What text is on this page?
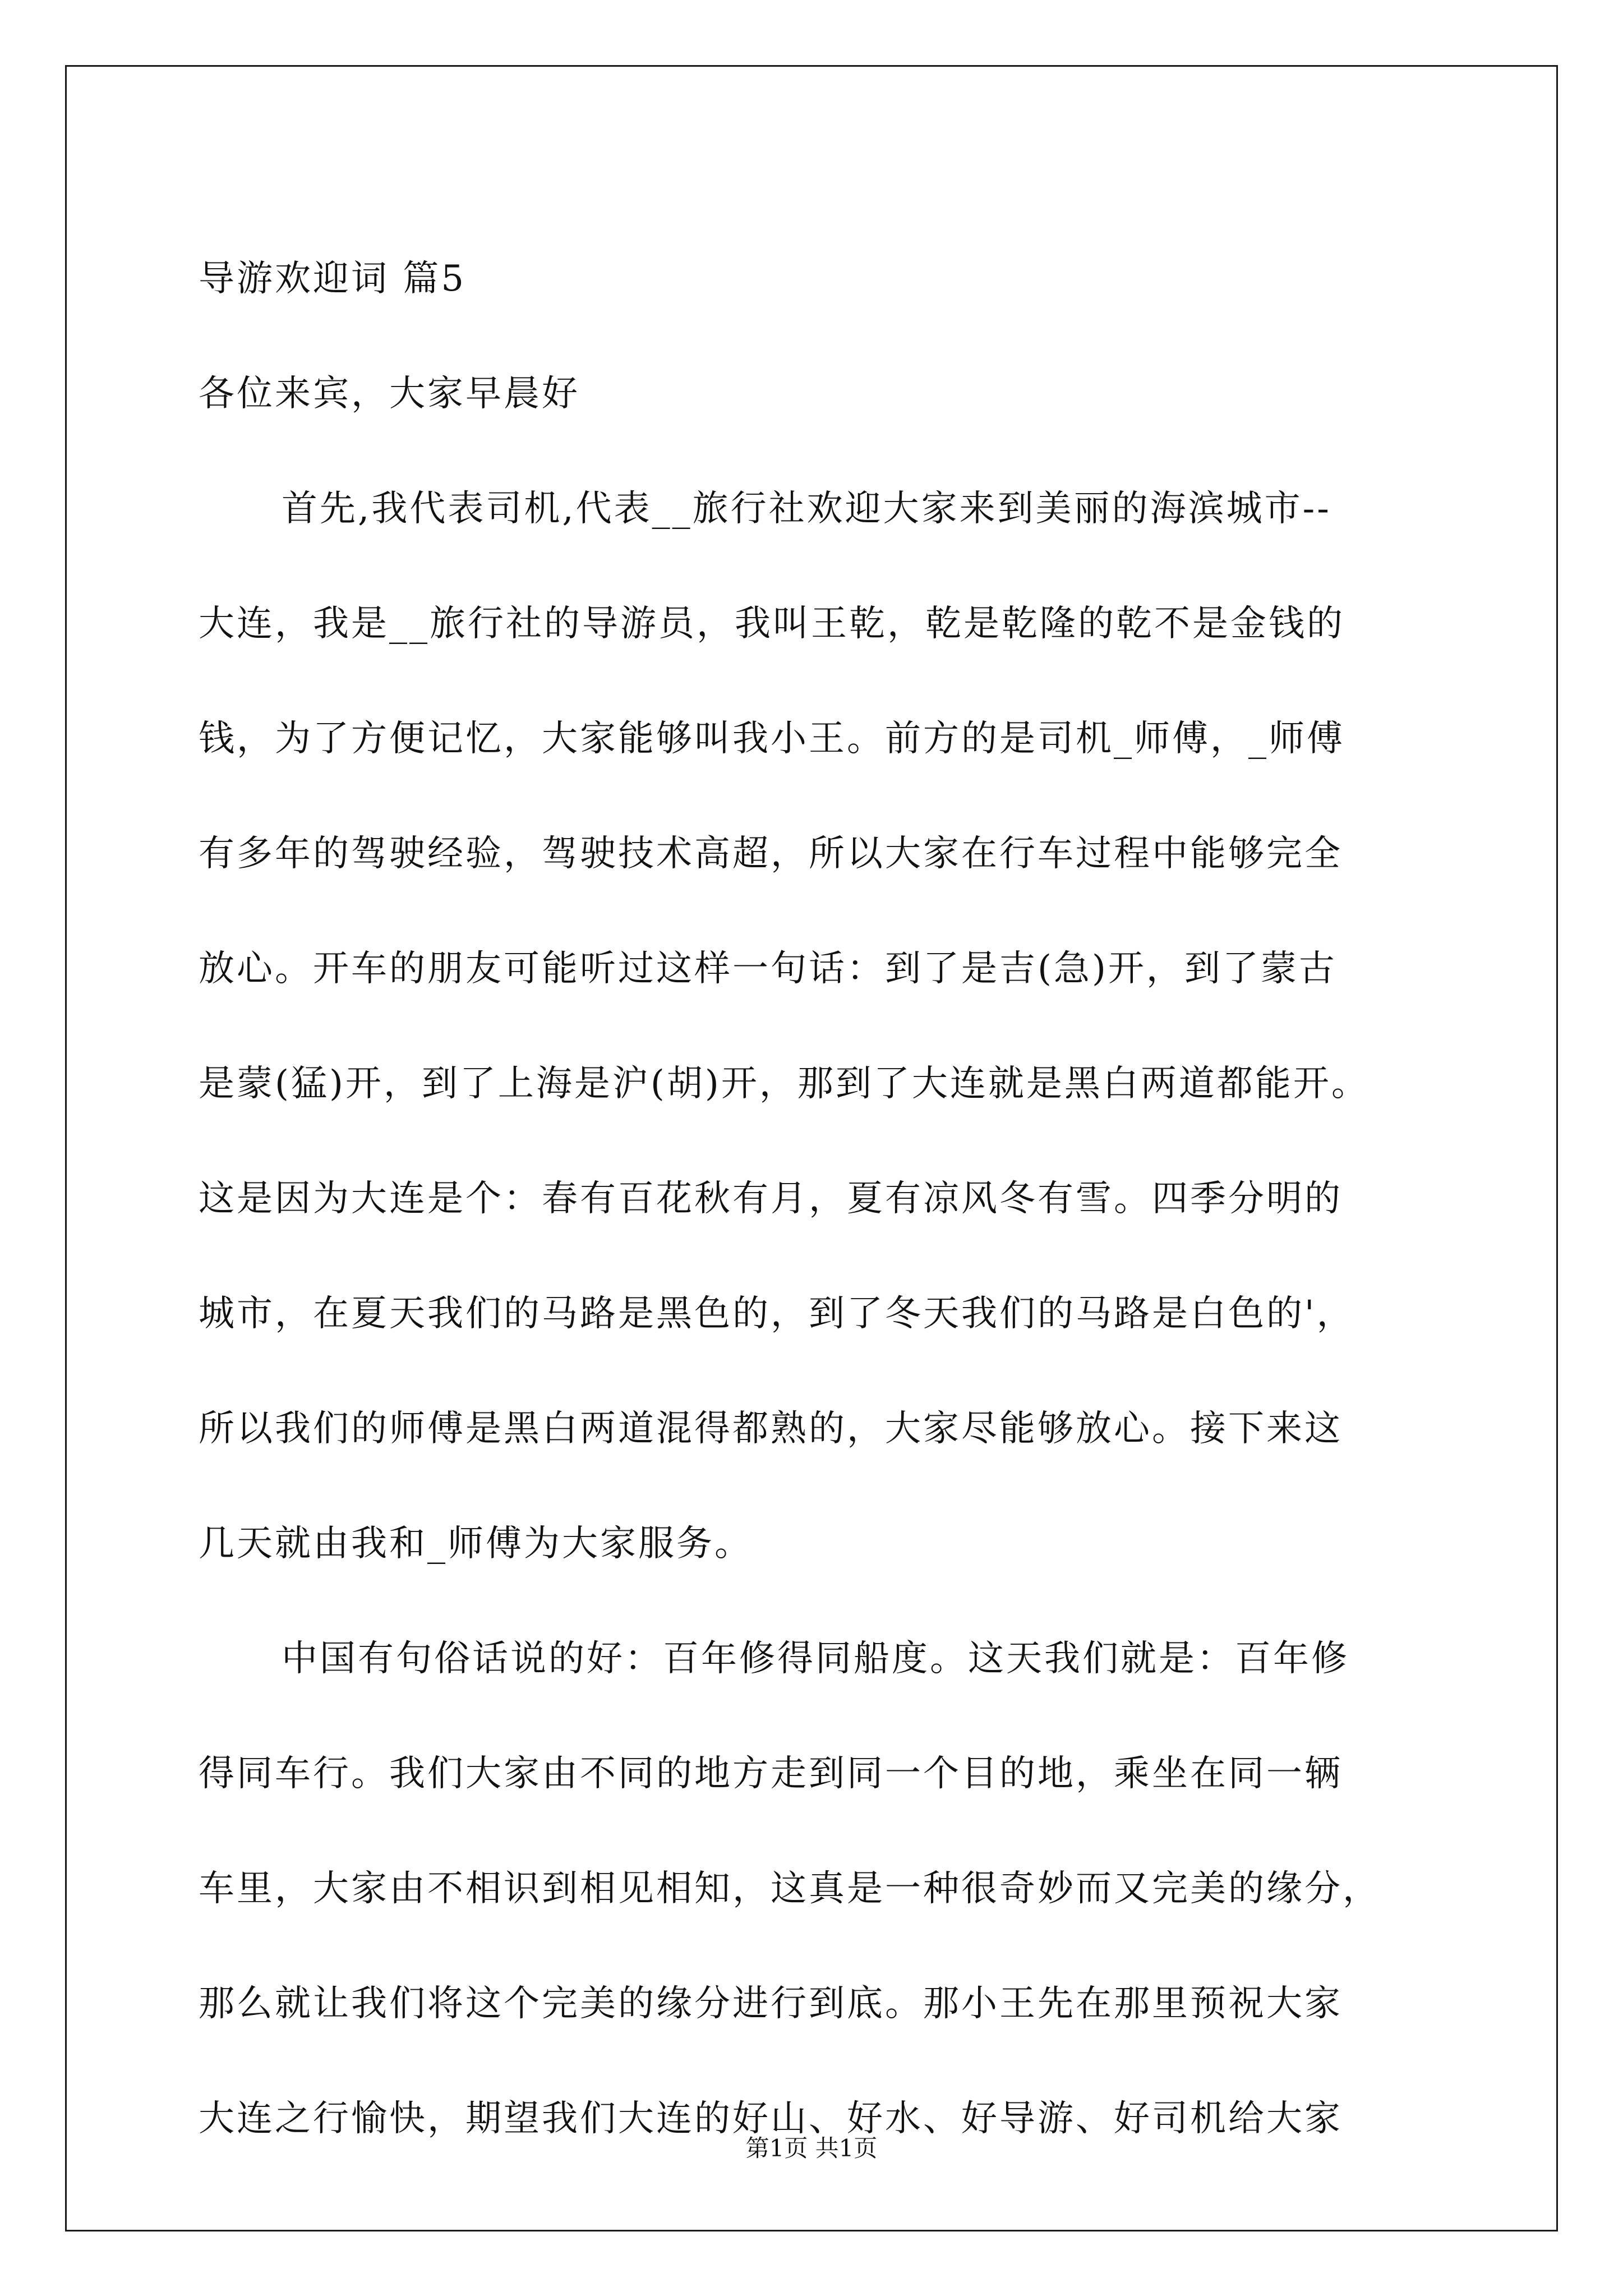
导游欢迎词 篇5
各位来宾，大家早晨好
首先,我代表司机,代表__旅行社欢迎大家来到美丽的海滨城市--
大连，我是__旅行社的导游员，我叫王乾，乾是乾隆的乾不是金钱的
钱，为了方便记忆，大家能够叫我小王。前方的是司机_师傅，_师傅
有多年的驾驶经验，驾驶技术高超，所以大家在行车过程中能够完全
放心。开车的朋友可能听过这样一句话：到了是吉(急)开，到了蒙古
是蒙(猛)开，到了上海是沪(胡)开，那到了大连就是黑白两道都能开。
这是因为大连是个：春有百花秋有月，夏有凉风冬有雪。四季分明的
城市，在夏天我们的马路是黑色的，到了冬天我们的马路是白色的'，
所以我们的师傅是黑白两道混得都熟的，大家尽能够放心。接下来这
几天就由我和_师傅为大家服务。
中国有句俗话说的好：百年修得同船度。这天我们就是：百年修
得同车行。我们大家由不同的地方走到同一个目的地，乘坐在同一辆
车里，大家由不相识到相见相知，这真是一种很奇妙而又完美的缘分，
那么就让我们将这个完美的缘分进行到底。那小王先在那里预祝大家
大连之行愉快，期望我们大连的好山、好水、好导游、好司机给大家
第1页 共1页
